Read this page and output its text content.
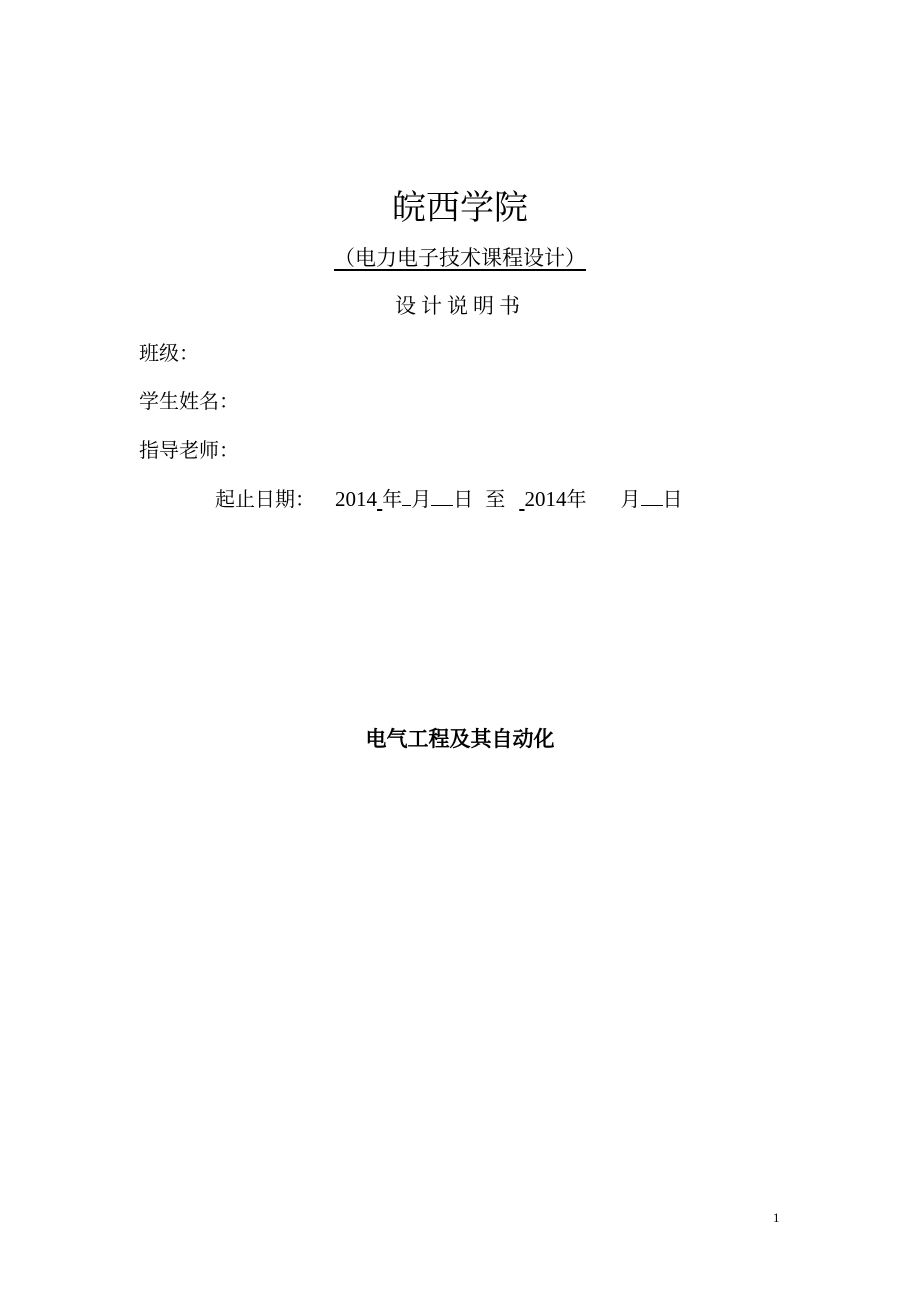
皖西学院
（电力电子技术课程设计）
设计说明书
班级：
学生姓名：
指导老师：
起止日期： 2014 年 月 日 至 2014年 月 日
电气工程及其自动化
1
